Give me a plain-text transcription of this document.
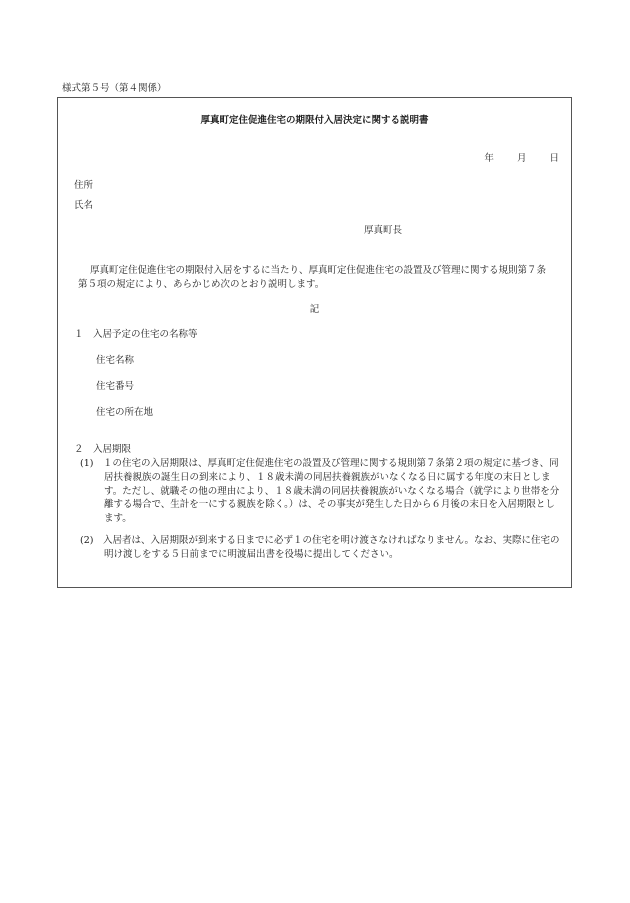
様式第５号（第４関係）
厚真町定住促進住宅の期限付入居決定に関する説明書
年 月 日
住所
氏名
厚真町長
厚真町定住促進住宅の期限付入居をするに当たり、厚真町定住促進住宅の設置及び管理に関する規則第７条第５項の規定により、あらかじめ次のとおり説明します。
記
１　入居予定の住宅の名称等
住宅名称
住宅番号
住宅の所在地
２　入居期限
(1)　１の住宅の入居期限は、厚真町定住促進住宅の設置及び管理に関する規則第７条第２項の規定に基づき、同居扶養親族の誕生日の到来により、１８歳未満の同居扶養親族がいなくなる日に属する年度の末日とします。ただし、就職その他の理由により、１８歳未満の同居扶養親族がいなくなる場合（就学により世帯を分離する場合で、生計を一にする親族を除く。）は、その事実が発生した日から６月後の末日を入居期限とします。
(2)　入居者は、入居期限が到来する日までに必ず１の住宅を明け渡さなければなりません。なお、実際に住宅の明け渡しをする５日前までに明渡届出書を役場に提出してください。
